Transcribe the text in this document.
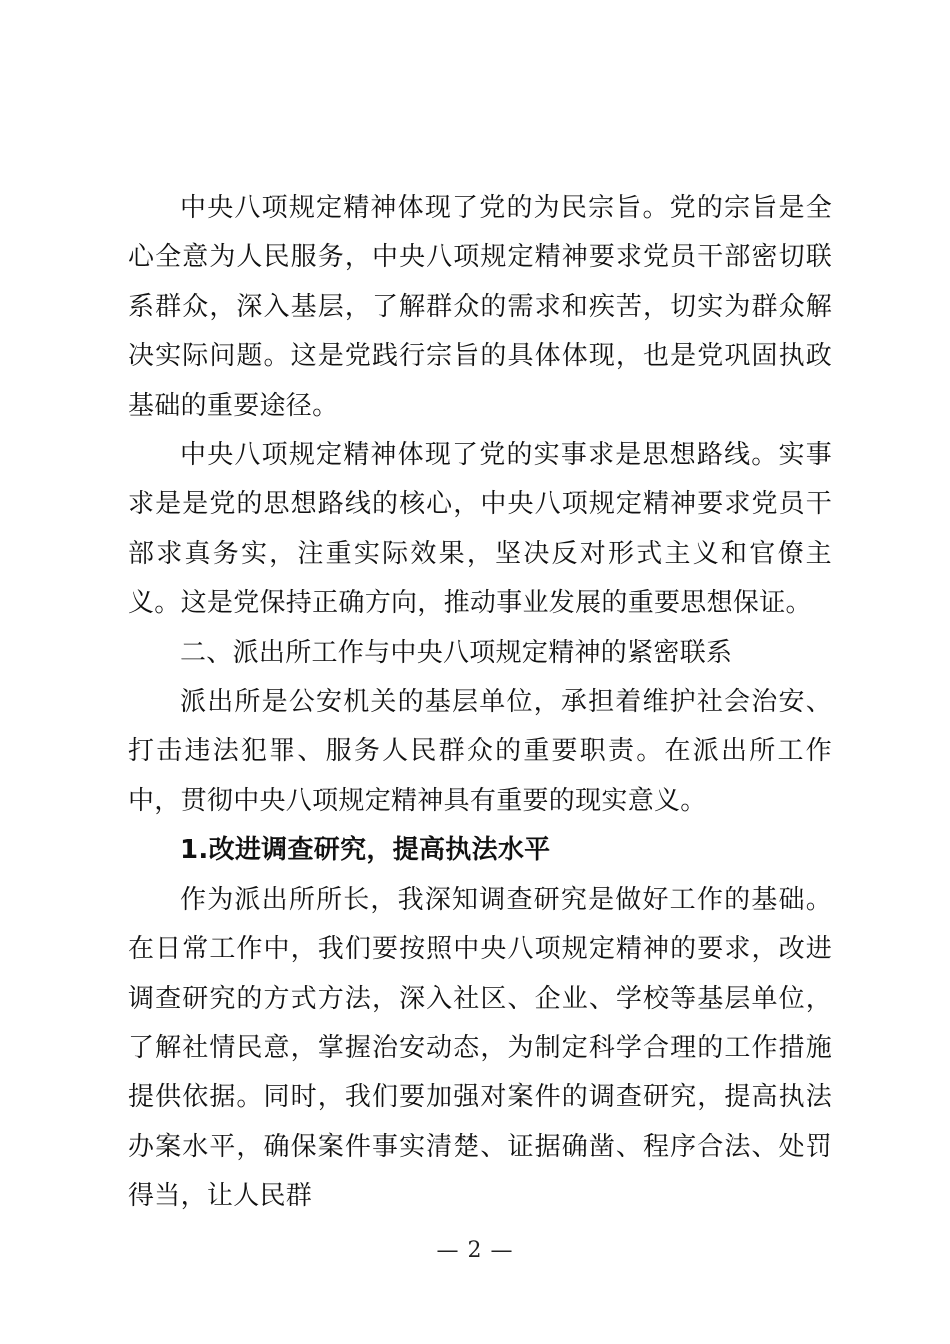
中央八项规定精神体现了党的为民宗旨。党的宗旨是全心全意为人民服务，中央八项规定精神要求党员干部密切联系群众，深入基层，了解群众的需求和疾苦，切实为群众解决实际问题。这是党践行宗旨的具体体现，也是党巩固执政基础的重要途径。

中央八项规定精神体现了党的实事求是思想路线。实事求是是党的思想路线的核心，中央八项规定精神要求党员干部求真务实，注重实际效果，坚决反对形式主义和官僚主义。这是党保持正确方向，推动事业发展的重要思想保证。

二、派出所工作与中央八项规定精神的紧密联系

派出所是公安机关的基层单位，承担着维护社会治安、打击违法犯罪、服务人民群众的重要职责。在派出所工作中，贯彻中央八项规定精神具有重要的现实意义。

1.改进调查研究，提高执法水平

作为派出所所长，我深知调查研究是做好工作的基础。在日常工作中，我们要按照中央八项规定精神的要求，改进调查研究的方式方法，深入社区、企业、学校等基层单位，了解社情民意，掌握治安动态，为制定科学合理的工作措施提供依据。同时，我们要加强对案件的调查研究，提高执法办案水平，确保案件事实清楚、证据确凿、程序合法、处罚得当，让人民群

— 2 —
